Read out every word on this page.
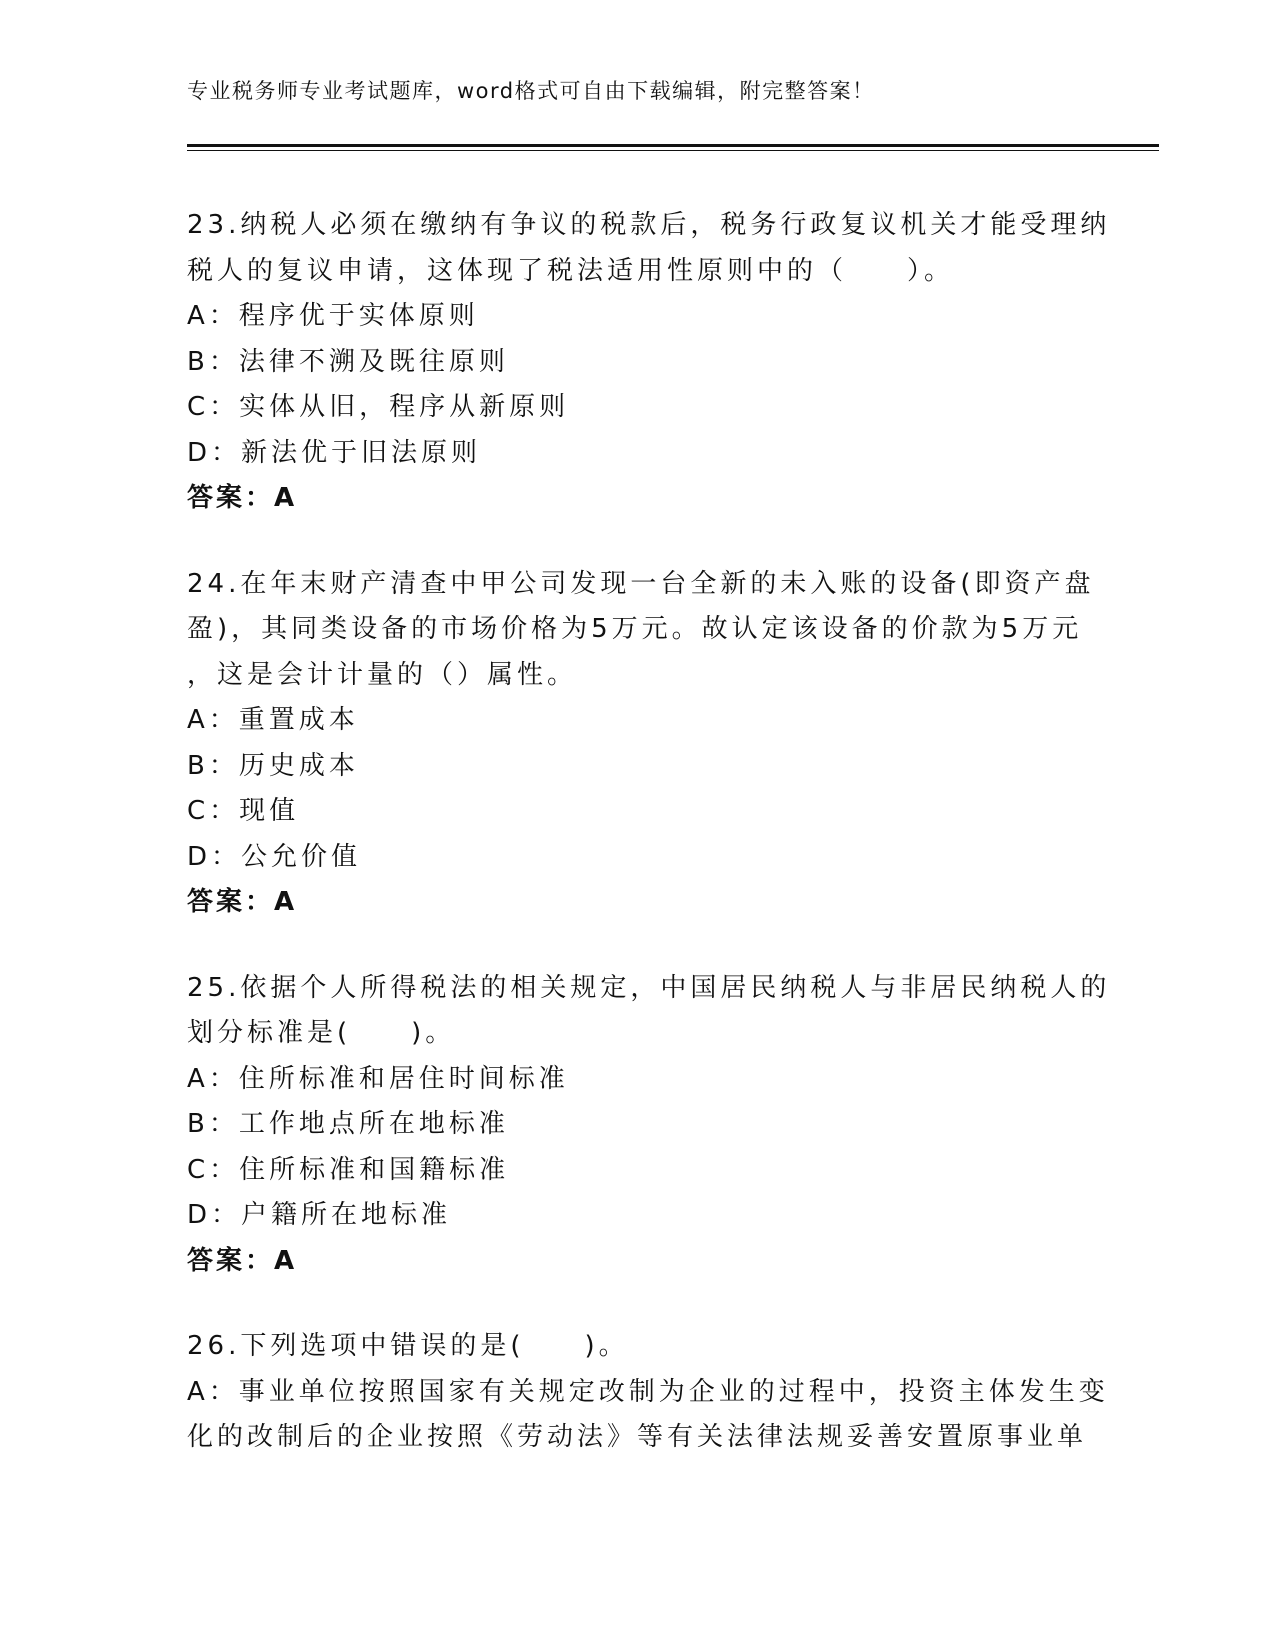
专业税务师专业考试题库，word格式可自由下载编辑，附完整答案！
23.纳税人必须在缴纳有争议的税款后，税务行政复议机关才能受理纳
税人的复议申请，这体现了税法适用性原则中的（　　）。
A：程序优于实体原则
B：法律不溯及既往原则
C：实体从旧，程序从新原则
D：新法优于旧法原则
答案：A
24.在年末财产清查中甲公司发现一台全新的未入账的设备(即资产盘
盈)，其同类设备的市场价格为5万元。故认定该设备的价款为5万元
，这是会计计量的（）属性。
A：重置成本
B：历史成本
C：现值
D：公允价值
答案：A
25.依据个人所得税法的相关规定，中国居民纳税人与非居民纳税人的
划分标准是(　　)。
A：住所标准和居住时间标准
B：工作地点所在地标准
C：住所标准和国籍标准
D：户籍所在地标准
答案：A
26.下列选项中错误的是(　　)。
A：事业单位按照国家有关规定改制为企业的过程中，投资主体发生变
化的改制后的企业按照《劳动法》等有关法律法规妥善安置原事业单
